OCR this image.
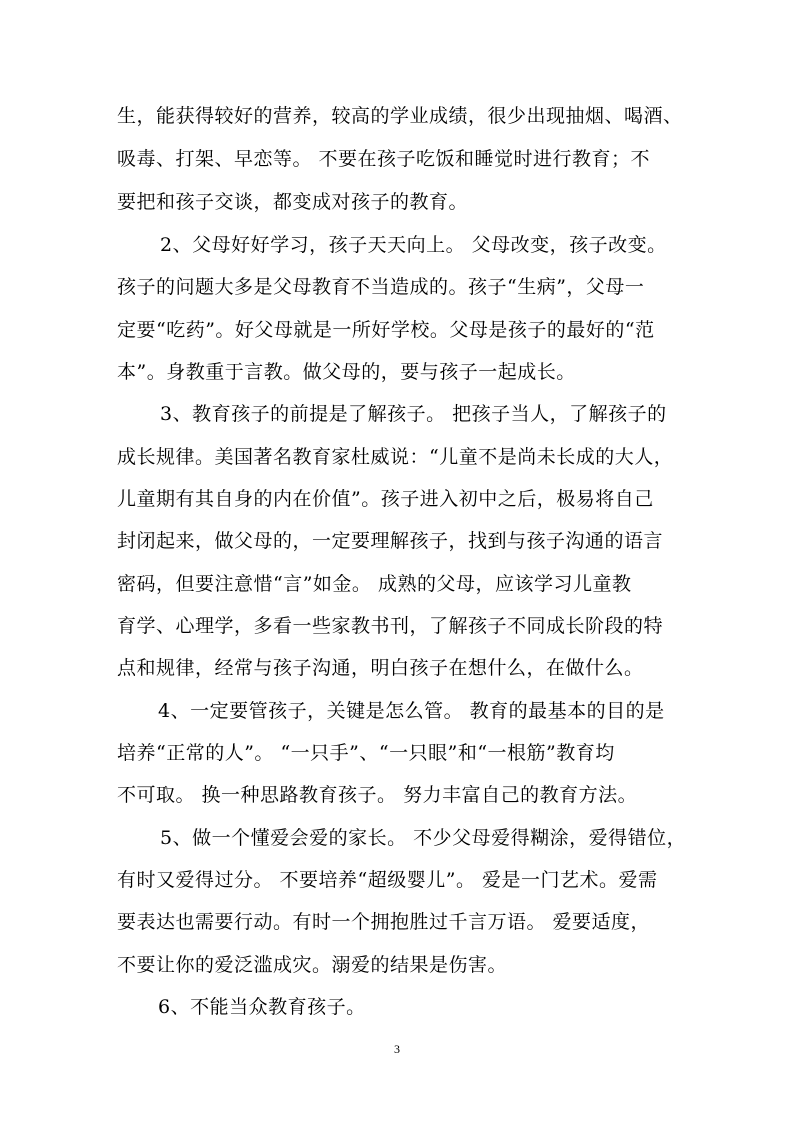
生，能获得较好的营养，较高的学业成绩，很少出现抽烟、喝酒、
吸毒、打架、早恋等。 不要在孩子吃饭和睡觉时进行教育；不
要把和孩子交谈，都变成对孩子的教育。
2、父母好好学习，孩子天天向上。 父母改变，孩子改变。
孩子的问题大多是父母教育不当造成的。孩子“生病”，父母一
定要“吃药”。好父母就是一所好学校。父母是孩子的最好的“范
本”。身教重于言教。做父母的，要与孩子一起成长。
3、教育孩子的前提是了解孩子。 把孩子当人，了解孩子的
成长规律。美国著名教育家杜威说：“儿童不是尚未长成的大人，
儿童期有其自身的内在价值”。孩子进入初中之后，极易将自己
封闭起来，做父母的，一定要理解孩子，找到与孩子沟通的语言
密码，但要注意惜“言”如金。 成熟的父母，应该学习儿童教
育学、心理学，多看一些家教书刊，了解孩子不同成长阶段的特
点和规律，经常与孩子沟通，明白孩子在想什么，在做什么。
4、一定要管孩子，关键是怎么管。 教育的最基本的目的是
培养“正常的人”。 “一只手”、“一只眼”和“一根筋”教育均
不可取。 换一种思路教育孩子。 努力丰富自己的教育方法。
5、做一个懂爱会爱的家长。 不少父母爱得糊涂，爱得错位，
有时又爱得过分。 不要培养“超级婴儿”。 爱是一门艺术。爱需
要表达也需要行动。有时一个拥抱胜过千言万语。 爱要适度，
不要让你的爱泛滥成灾。溺爱的结果是伤害。
6、不能当众教育孩子。
3
